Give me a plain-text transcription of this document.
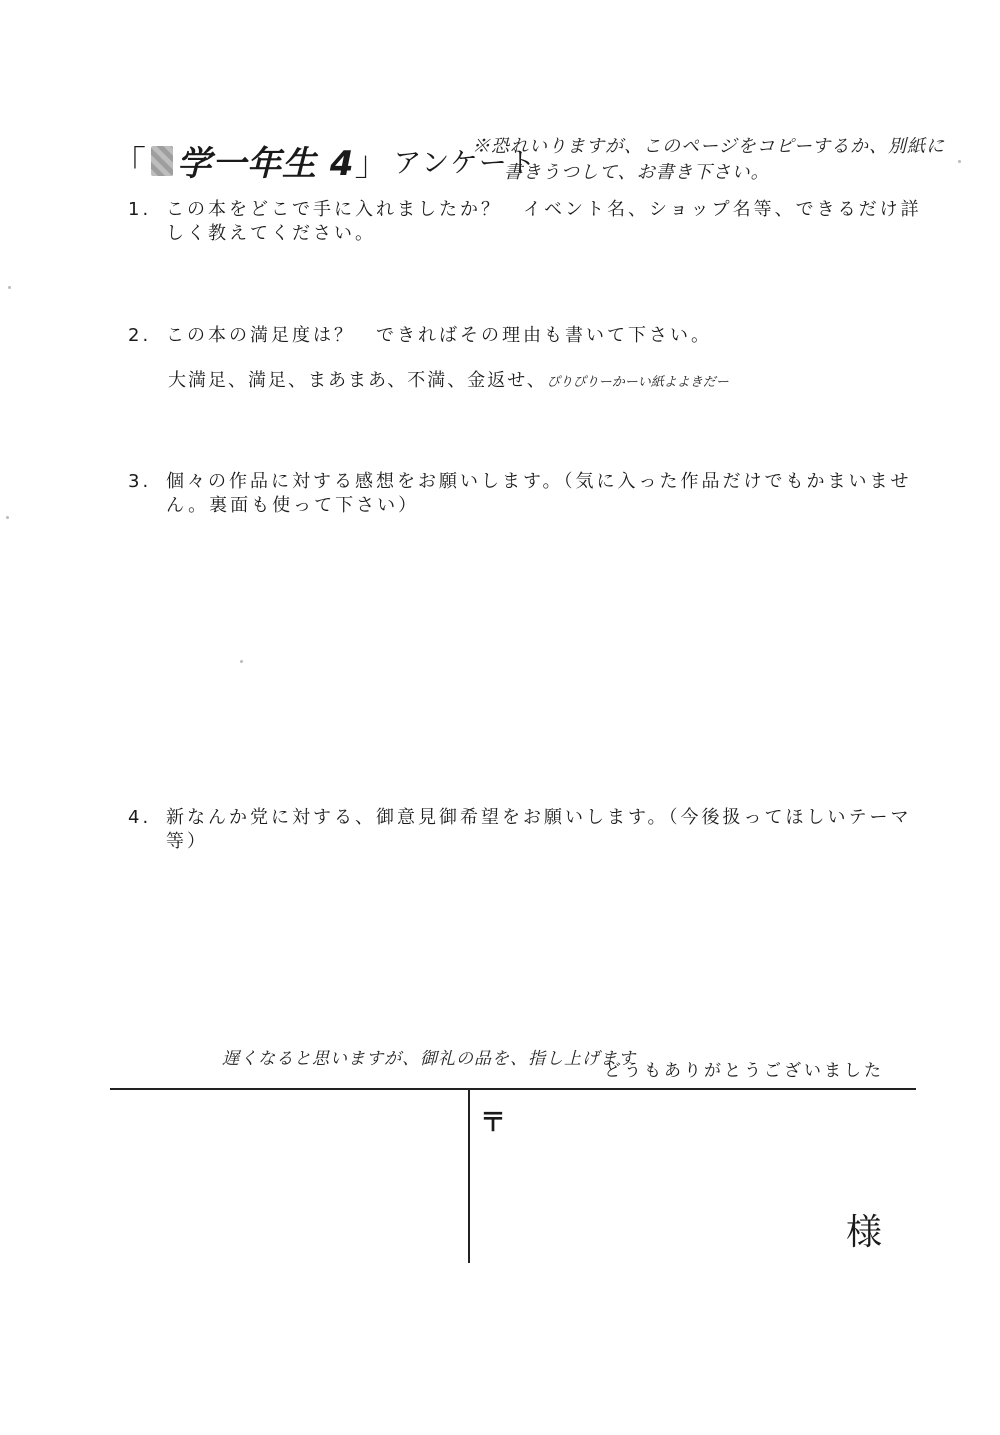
「 学一年生 4 」 アンケート
※恐れいりますが、このページをコピーするか、別紙に
書きうつして、お書き下さい。
1. この本をどこで手に入れましたか？　イベント名、ショップ名等、できるだけ詳
しく教えてください。
2. この本の満足度は？　できればその理由も書いて下さい。
大満足、満足、まあまあ、不満、金返せ、ぴりぴりーかーい紙よよきだー
3. 個々の作品に対する感想をお願いします。（気に入った作品だけでもかまいませ
ん。裏面も使って下さい）
4. 新なんか党に対する、御意見御希望をお願いします。（今後扱ってほしいテーマ
等）
遅くなると思いますが、御礼の品を、指し上げます
どうもありがとうございました
〒
様
